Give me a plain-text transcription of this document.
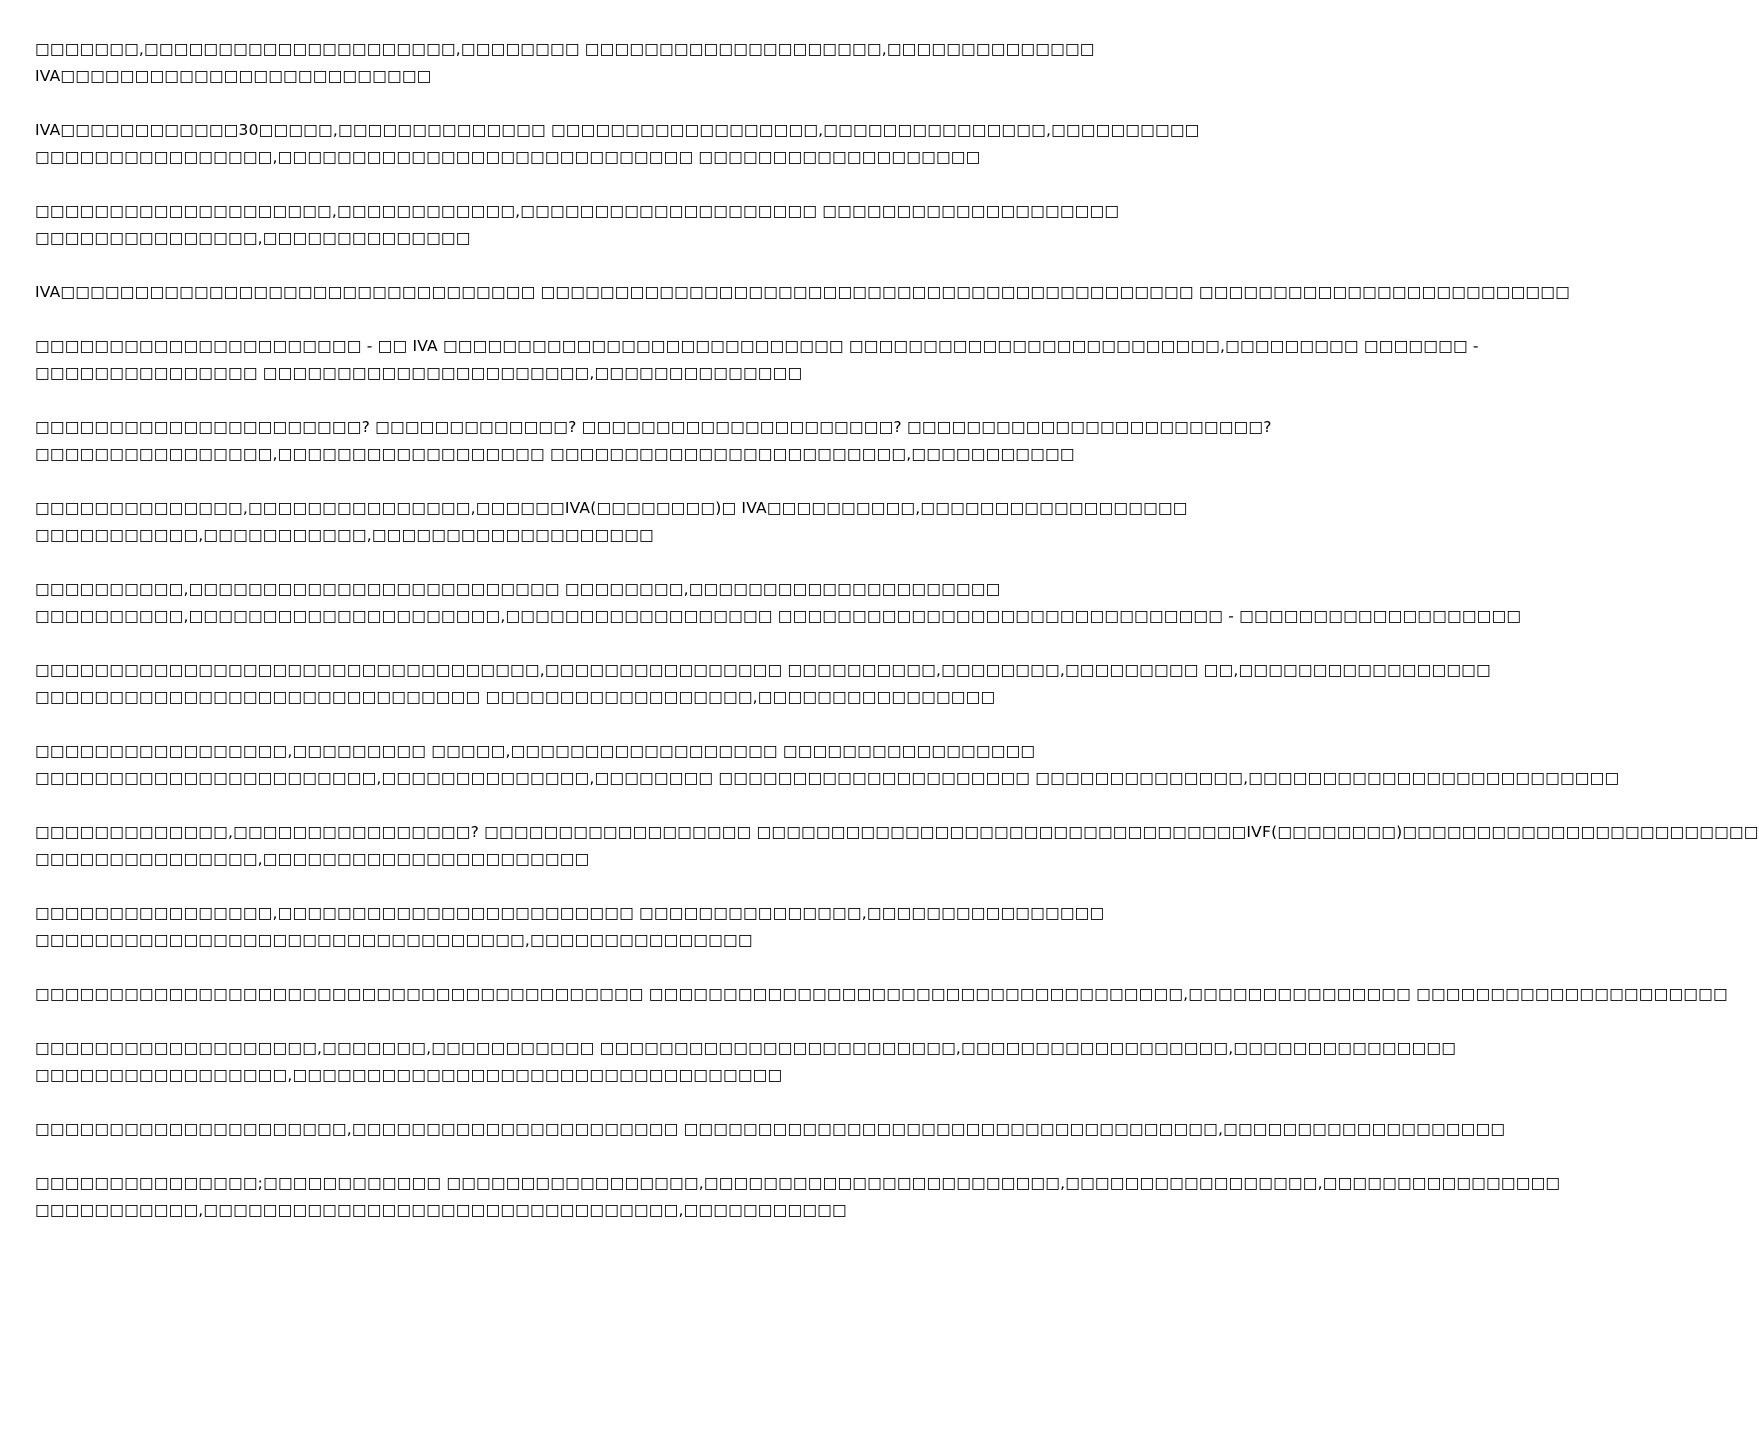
□□□□□□□,□□□□□□□□□□□□□□□□□□□□□,□□□□□□□□ □□□□□□□□□□□□□□□□□□□□,□□□□□□□□□□□□□□
IVA□□□□□□□□□□□□□□□□□□□□□□□□□
IVA□□□□□□□□□□□□30□□□□□,□□□□□□□□□□□□□□ □□□□□□□□□□□□□□□□□□,□□□□□□□□□□□□□□□,□□□□□□□□□□
□□□□□□□□□□□□□□□□,□□□□□□□□□□□□□□□□□□□□□□□□□□□□ □□□□□□□□□□□□□□□□□□□
□□□□□□□□□□□□□□□□□□□□,□□□□□□□□□□□□,□□□□□□□□□□□□□□□□□□□□ □□□□□□□□□□□□□□□□□□□□
□□□□□□□□□□□□□□□,□□□□□□□□□□□□□□
IVA□□□□□□□□□□□□□□□□□□□□□□□□□□□□□□□□ □□□□□□□□□□□□□□□□□□□□□□□□□□□□□□□□□□□□□□□□□□□□ □□□□□□□□□□□□□□□□□□□□□□□□□
□□□□□□□□□□□□□□□□□□□□□□ - □□ IVA □□□□□□□□□□□□□□□□□□□□□□□□□□□ □□□□□□□□□□□□□□□□□□□□□□□□□,□□□□□□□□□ □□□□□□□ -
□□□□□□□□□□□□□□□ □□□□□□□□□□□□□□□□□□□□□□,□□□□□□□□□□□□□□
□□□□□□□□□□□□□□□□□□□□□□? □□□□□□□□□□□□□? □□□□□□□□□□□□□□□□□□□□□? □□□□□□□□□□□□□□□□□□□□□□□□?
□□□□□□□□□□□□□□□□,□□□□□□□□□□□□□□□□□□ □□□□□□□□□□□□□□□□□□□□□□□□,□□□□□□□□□□□
□□□□□□□□□□□□□□,□□□□□□□□□□□□□□□,□□□□□□IVA(□□□□□□□□)□ IVA□□□□□□□□□□,□□□□□□□□□□□□□□□□□□
□□□□□□□□□□□,□□□□□□□□□□□,□□□□□□□□□□□□□□□□□□□
□□□□□□□□□□,□□□□□□□□□□□□□□□□□□□□□□□□□ □□□□□□□□,□□□□□□□□□□□□□□□□□□□□□
□□□□□□□□□□,□□□□□□□□□□□□□□□□□□□□□,□□□□□□□□□□□□□□□□□□ □□□□□□□□□□□□□□□□□□□□□□□□□□□□□□ - □□□□□□□□□□□□□□□□□□□
□□□□□□□□□□□□□□□□□□□□□□□□□□□□□□□□□□,□□□□□□□□□□□□□□□□ □□□□□□□□□□,□□□□□□□□,□□□□□□□□□ □□,□□□□□□□□□□□□□□□□□
□□□□□□□□□□□□□□□□□□□□□□□□□□□□□□ □□□□□□□□□□□□□□□□□□,□□□□□□□□□□□□□□□□
□□□□□□□□□□□□□□□□□,□□□□□□□□□ □□□□□,□□□□□□□□□□□□□□□□□□ □□□□□□□□□□□□□□□□□
□□□□□□□□□□□□□□□□□□□□□□□,□□□□□□□□□□□□□□,□□□□□□□□ □□□□□□□□□□□□□□□□□□□□□ □□□□□□□□□□□□□□,□□□□□□□□□□□□□□□□□□□□□□□□□
□□□□□□□□□□□□□,□□□□□□□□□□□□□□□□? □□□□□□□□□□□□□□□□□□ □□□□□□□□□□□□□□□□□□□□□□□□□□□□□□□□□IVF(□□□□□□□□)□□□□□□□□□□□□□□□□□□□□□□□□
□□□□□□□□□□□□□□□,□□□□□□□□□□□□□□□□□□□□□□
□□□□□□□□□□□□□□□□,□□□□□□□□□□□□□□□□□□□□□□□□ □□□□□□□□□□□□□□□,□□□□□□□□□□□□□□□□
□□□□□□□□□□□□□□□□□□□□□□□□□□□□□□□□□,□□□□□□□□□□□□□□□
□□□□□□□□□□□□□□□□□□□□□□□□□□□□□□□□□□□□□□□□□ □□□□□□□□□□□□□□□□□□□□□□□□□□□□□□□□□□□□,□□□□□□□□□□□□□□□ □□□□□□□□□□□□□□□□□□□□□
□□□□□□□□□□□□□□□□□□□,□□□□□□□,□□□□□□□□□□□ □□□□□□□□□□□□□□□□□□□□□□□□,□□□□□□□□□□□□□□□□□□,□□□□□□□□□□□□□□□
□□□□□□□□□□□□□□□□□,□□□□□□□□□□□□□□□□□□□□□□□□□□□□□□□□□
□□□□□□□□□□□□□□□□□□□□□,□□□□□□□□□□□□□□□□□□□□□□ □□□□□□□□□□□□□□□□□□□□□□□□□□□□□□□□□□□□,□□□□□□□□□□□□□□□□□□□
□□□□□□□□□□□□□□□;□□□□□□□□□□□□ □□□□□□□□□□□□□□□□□,□□□□□□□□□□□□□□□□□□□□□□□□,□□□□□□□□□□□□□□□□□,□□□□□□□□□□□□□□□□
□□□□□□□□□□□,□□□□□□□□□□□□□□□□□□□□□□□□□□□□□□□□,□□□□□□□□□□□
